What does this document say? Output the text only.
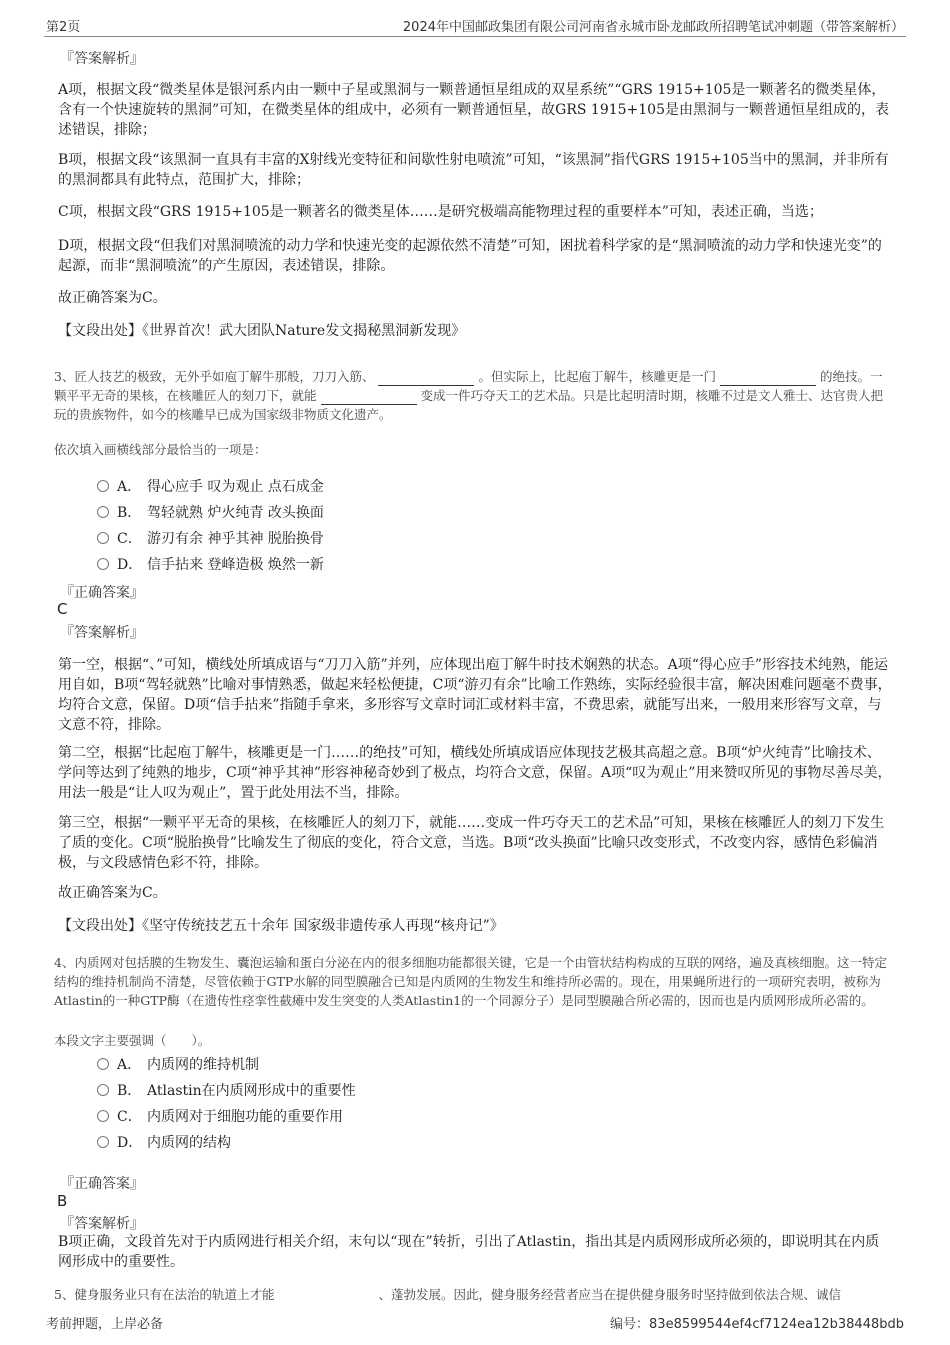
第2页	2024年中国邮政集团有限公司河南省永城市卧龙邮政所招聘笔试冲刺题（带答案解析）
『答案解析』
A项，根据文段“微类星体是银河系内由一颗中子星或黑洞与一颗普通恒星组成的双星系统”“GRS 1915+105是一颗著名的微类星体，含有一个快速旋转的黑洞”可知，在微类星体的组成中，必须有一颗普通恒星，故GRS 1915+105是由黑洞与一颗普通恒星组成的，表述错误，排除；
B项，根据文段“该黑洞一直具有丰富的X射线光变特征和间歇性射电喷流”可知，“该黑洞”指代GRS 1915+105当中的黑洞，并非所有的黑洞都具有此特点，范围扩大，排除；
C项，根据文段“GRS 1915+105是一颗著名的微类星体……是研究极端高能物理过程的重要样本”可知，表述正确，当选；
D项，根据文段“但我们对黑洞喷流的动力学和快速光变的起源依然不清楚”可知，困扰着科学家的是“黑洞喷流的动力学和快速光变”的起源，而非“黑洞喷流”的产生原因，表述错误，排除。
故正确答案为C。
【文段出处】《世界首次！武大团队Nature发文揭秘黑洞新发现》
3、匠人技艺的极致，无外乎如庖丁解牛那般，刀刀入筋、	。但实际上，比起庖丁解牛，核雕更是一门	的绝技。一颗平平无奇的果核，在核雕匠人的刻刀下，就能	变成一件巧夺天工的艺术品。只是比起明清时期，核雕不过是文人雅士、达官贵人把玩的贵族物件，如今的核雕早已成为国家级非物质文化遗产。
依次填入画横线部分最恰当的一项是：
A． 得心应手 叹为观止 点石成金
B． 驾轻就熟 炉火纯青 改头换面
C． 游刃有余 神乎其神 脱胎换骨
D． 信手拈来 登峰造极 焕然一新
『正确答案』
C
『答案解析』
第一空，根据“、”可知，横线处所填成语与“刀刀入筋”并列，应体现出庖丁解牛时技术娴熟的状态。A项“得心应手”形容技术纯熟，能运用自如，B项“驾轻就熟”比喻对事情熟悉，做起来轻松便捷，C项“游刃有余”比喻工作熟练，实际经验很丰富，解决困难问题毫不费事，均符合文意，保留。D项“信手拈来”指随手拿来，多形容写文章时词汇或材料丰富，不费思索，就能写出来，一般用来形容写文章，与文意不符，排除。
第二空，根据“比起庖丁解牛，核雕更是一门……的绝技”可知，横线处所填成语应体现技艺极其高超之意。B项“炉火纯青”比喻技术、学问等达到了纯熟的地步，C项“神乎其神”形容神秘奇妙到了极点，均符合文意，保留。A项“叹为观止”用来赞叹所见的事物尽善尽美，用法一般是“让人叹为观止”，置于此处用法不当，排除。
第三空，根据“一颗平平无奇的果核，在核雕匠人的刻刀下，就能……变成一件巧夺天工的艺术品”可知，果核在核雕匠人的刻刀下发生了质的变化。C项“脱胎换骨”比喻发生了彻底的变化，符合文意，当选。B项“改头换面”比喻只改变形式，不改变内容，感情色彩偏消极，与文段感情色彩不符，排除。
故正确答案为C。
【文段出处】《坚守传统技艺五十余年 国家级非遗传承人再现“核舟记”》
4、内质网对包括膜的生物发生、囊泡运输和蛋白分泌在内的很多细胞功能都很关键，它是一个由管状结构构成的互联的网络，遍及真核细胞。这一特定结构的维持机制尚不清楚，尽管依赖于GTP水解的同型膜融合已知是内质网的生物发生和维持所必需的。现在，用果蝇所进行的一项研究表明，被称为Atlastin的一种GTP酶（在遗传性痉挛性截瘫中发生突变的人类Atlastin1的一个同源分子）是同型膜融合所必需的，因而也是内质网形成所必需的。
本段文字主要强调（　　）。
A． 内质网的维持机制
B． Atlastin在内质网形成中的重要性
C． 内质网对于细胞功能的重要作用
D． 内质网的结构
『正确答案』
B
『答案解析』
B项正确，文段首先对于内质网进行相关介绍，末句以“现在”转折，引出了Atlastin，指出其是内质网形成所必须的，即说明其在内质网形成中的重要性。
5、健身服务业只有在法治的轨道上才能	、蓬勃发展。因此，健身服务经营者应当在提供健身服务时坚持做到依法合规、诚信
考前押题，上岸必备	编号：83e8599544ef4cf7124ea12b38448bdb
